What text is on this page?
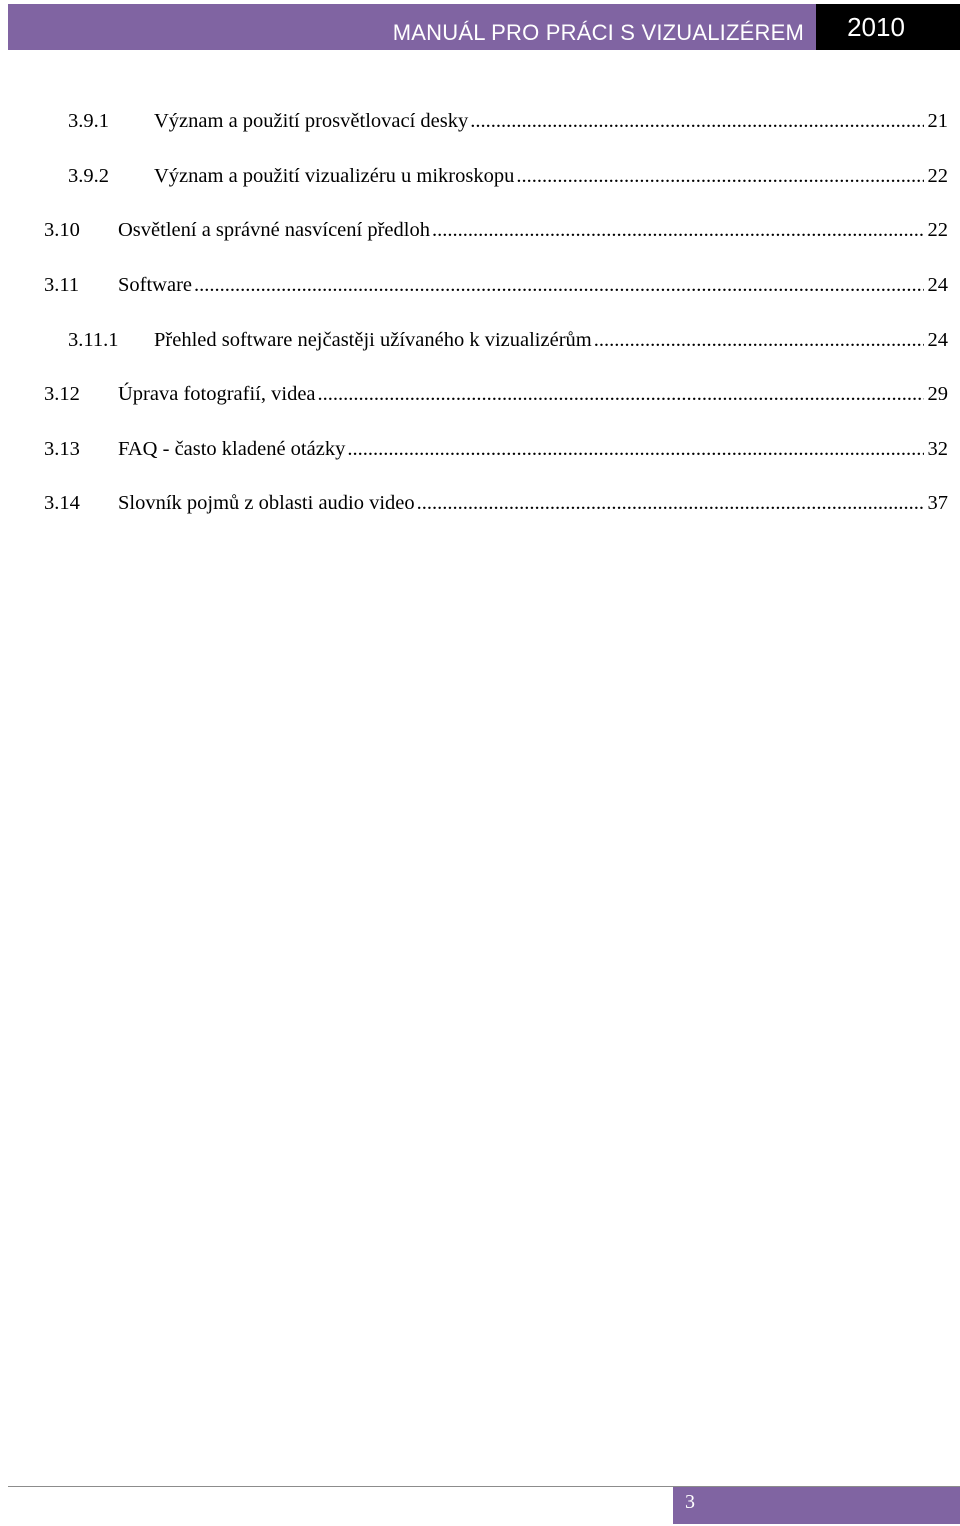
MANUÁL PRO PRÁCI S VIZUALIZÉREM	2010
3.9.1	Význam a použití prosvětlovací desky .....	21
3.9.2	Význam a použití vizualizéru u mikroskopu .....	22
3.10	Osvětlení a správné nasvícení předloh .....	22
3.11	Software .....	24
3.11.1	Přehled software nejčastěji užívaného k vizualizérům .....	24
3.12	Úprava fotografií, videa .....	29
3.13	FAQ - často kladené otázky .....	32
3.14	Slovník pojmů z oblasti audio video .....	37
3
